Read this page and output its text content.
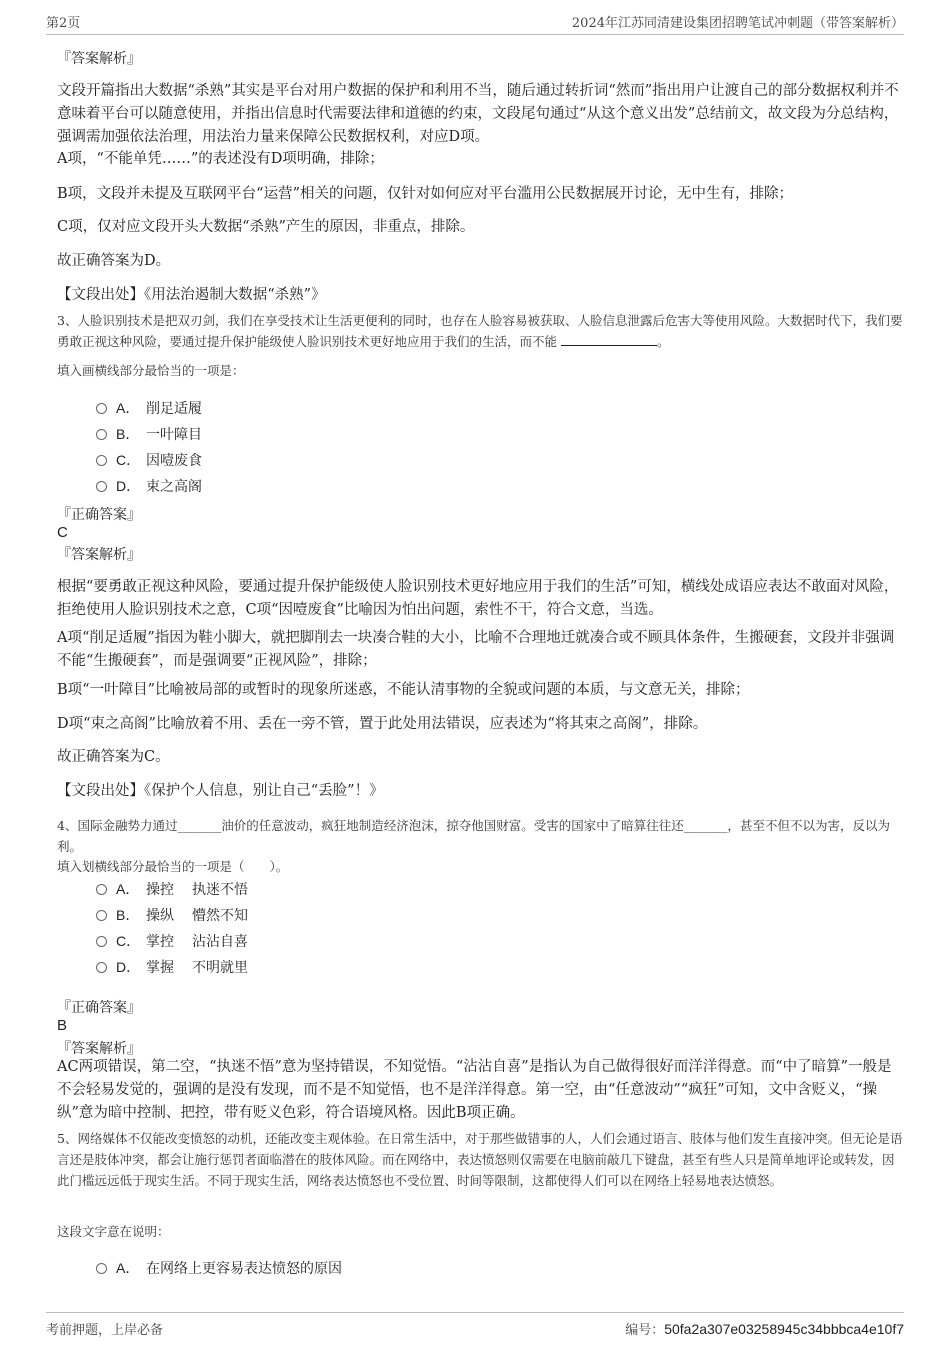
第2页	2024年江苏同清建设集团招聘笔试冲刺题（带答案解析）

『答案解析』

文段开篇指出大数据“杀熟”其实是平台对用户数据的保护和利用不当，随后通过转折词“然而”指出用户让渡自己的部分数据权利并不意味着平台可以随意使用，并指出信息时代需要法律和道德的约束，文段尾句通过“从这个意义出发”总结前文，故文段为分总结构，强调需加强依法治理，用法治力量来保障公民数据权利，对应D项。

A项，“不能单凭……”的表述没有D项明确，排除；

B项，文段并未提及互联网平台“运营”相关的问题，仅针对如何应对平台滥用公民数据展开讨论，无中生有，排除；

C项，仅对应文段开头大数据“杀熟”产生的原因，非重点，排除。

故正确答案为D。

【文段出处】《用法治遏制大数据“杀熟”》

3、人脸识别技术是把双刃剑，我们在享受技术让生活更便利的同时，也存在人脸容易被获取、人脸信息泄露后危害大等使用风险。大数据时代下，我们要勇敢正视这种风险，要通过提升保护能级使人脸识别技术更好地应用于我们的生活，而不能	。

填入画横线部分最恰当的一项是：

A． 削足适履
B． 一叶障目
C． 因噎废食
D． 束之高阁

『正确答案』

C

『答案解析』

根据“要勇敢正视这种风险，要通过提升保护能级使人脸识别技术更好地应用于我们的生活”可知，横线处成语应表达不敢面对风险，拒绝使用人脸识别技术之意，C项“因噎废食”比喻因为怕出问题，索性不干，符合文意，当选。

A项“削足适履”指因为鞋小脚大，就把脚削去一块凑合鞋的大小，比喻不合理地迁就凑合或不顾具体条件，生搬硬套，文段并非强调不能“生搬硬套”，而是强调要“正视风险”，排除；

B项“一叶障目”比喻被局部的或暂时的现象所迷惑，不能认清事物的全貌或问题的本质，与文意无关，排除；

D项“束之高阁”比喻放着不用、丢在一旁不管，置于此处用法错误，应表述为“将其束之高阁”，排除。

故正确答案为C。

【文段出处】《保护个人信息，别让自己“丢脸”！》

4、国际金融势力通过_______油价的任意波动，疯狂地制造经济泡沫，掠夺他国财富。受害的国家中了暗算往往还_______，甚至不但不以为害，反以为利。

填入划横线部分最恰当的一项是（　　）。

A． 操控 执迷不悟
B． 操纵 懵然不知
C． 掌控 沾沾自喜
D． 掌握 不明就里

『正确答案』

B

『答案解析』

AC两项错误，第二空，“执迷不悟”意为坚持错误，不知觉悟。“沾沾自喜”是指认为自己做得很好而洋洋得意。而“中了暗算”一般是不会轻易发觉的，强调的是没有发现，而不是不知觉悟，也不是洋洋得意。第一空，由“任意波动”“疯狂”可知，文中含贬义，“操纵”意为暗中控制、把控，带有贬义色彩，符合语境风格。因此B项正确。

5、网络媒体不仅能改变愤怒的动机，还能改变主观体验。在日常生活中，对于那些做错事的人，人们会通过语言、肢体与他们发生直接冲突。但无论是语言还是肢体冲突，都会让施行惩罚者面临潜在的肢体风险。而在网络中，表达愤怒则仅需要在电脑前敲几下键盘，甚至有些人只是简单地评论或转发，因此门槛远远低于现实生活。不同于现实生活，网络表达愤怒也不受位置、时间等限制，这都使得人们可以在网络上轻易地表达愤怒。

这段文字意在说明：

A． 在网络上更容易表达愤怒的原因
考前押题，上岸必备	编号：50fa2a307e03258945c34bbbca4e10f7
